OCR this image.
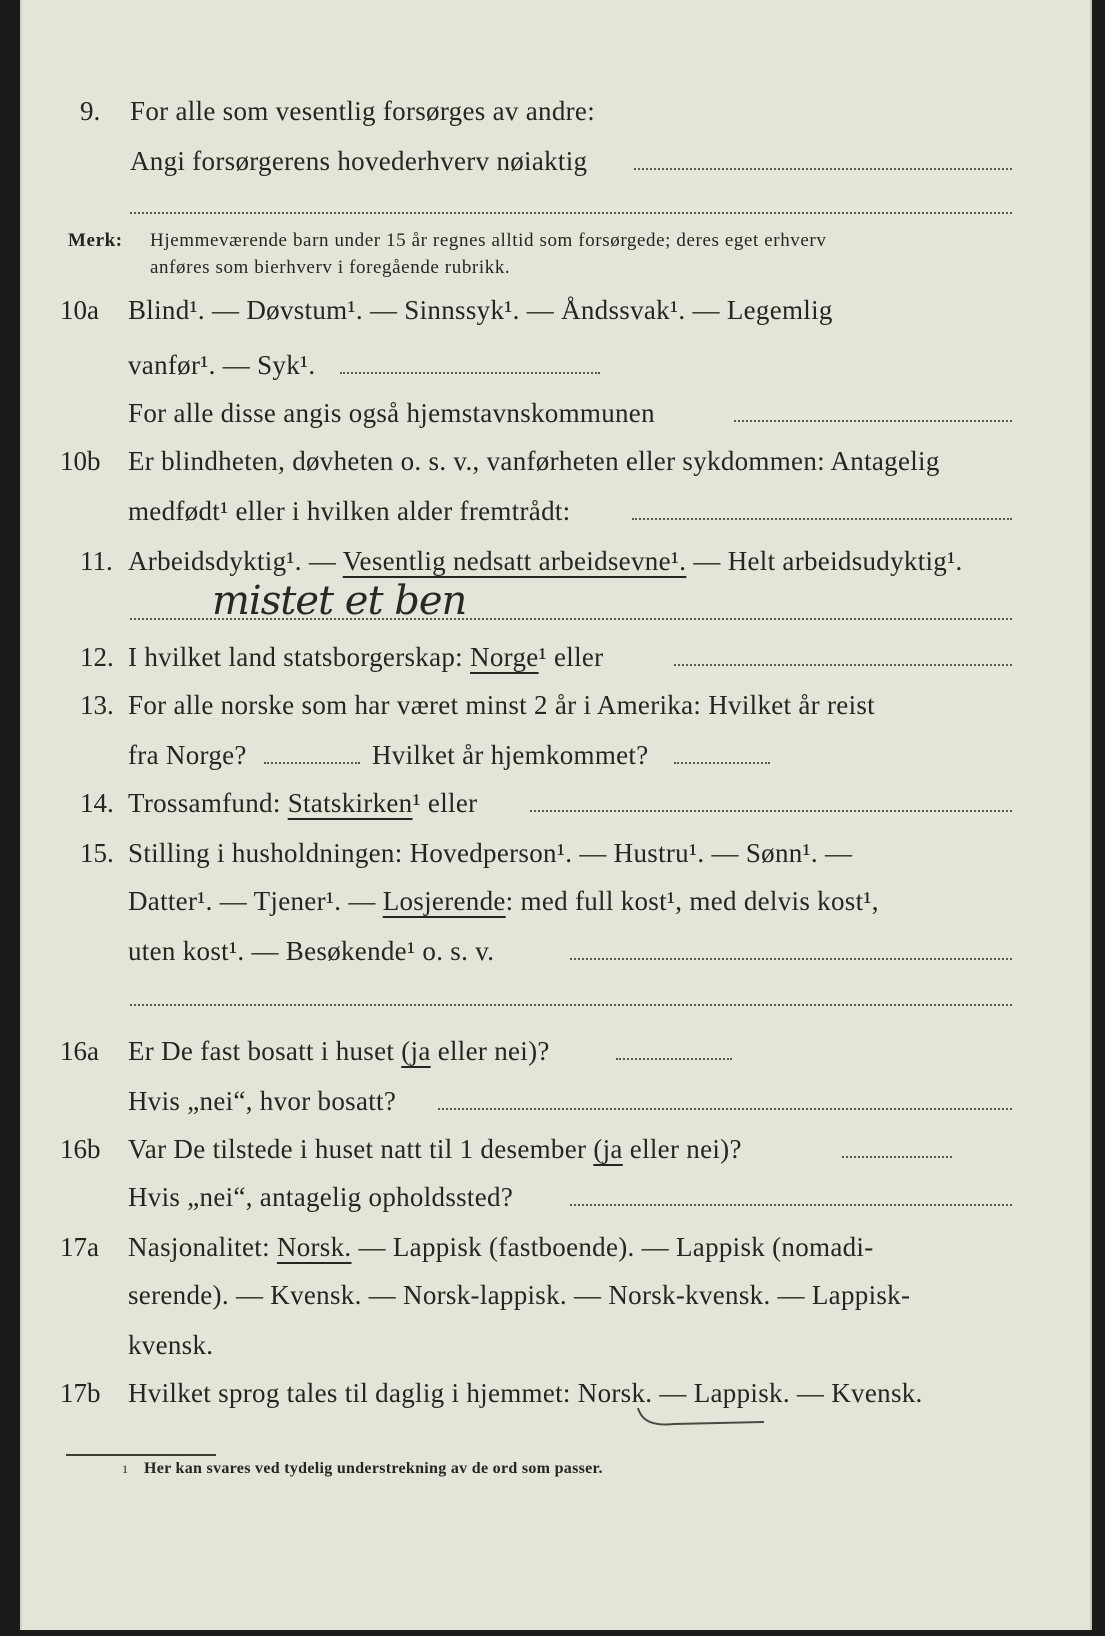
9. For alle som vesentlig forsørges av andre:
Angi forsørgerens hovederhverv nøiaktig
Merk: Hjemmeværende barn under 15 år regnes alltid som forsørgede; deres eget erhverv
anføres som bierhverv i foregående rubrikk.
10a Blind¹. — Døvstum¹. — Sinnssyk¹. — Åndssvak¹. — Legemlig
vanfør¹. — Syk¹.
For alle disse angis også hjemstavnskommunen
10b Er blindheten, døvheten o. s. v., vanførheten eller sykdommen: Antagelig
medfødt¹ eller i hvilken alder fremtrådt:
11. Arbeidsdyktig¹. — Vesentlig nedsatt arbeidsevne¹. — Helt arbeidsudyktig¹.
mistet et ben
12. I hvilket land statsborgerskap: Norge¹ eller
13. For alle norske som har været minst 2 år i Amerika: Hvilket år reist
fra Norge?	Hvilket år hjemkommet?
14. Trossamfund: Statskirken¹ eller
15. Stilling i husholdningen: Hovedperson¹. — Hustru¹. — Sønn¹. —
Datter¹. — Tjener¹. — Losjerende: med full kost¹, med delvis kost¹,
uten kost¹. — Besøkende¹ o. s. v.
16a Er De fast bosatt i huset (ja eller nei)?
Hvis „nei“, hvor bosatt?
16b Var De tilstede i huset natt til 1 desember (ja eller nei)?
Hvis „nei“, antagelig opholdssted?
17a Nasjonalitet: Norsk. — Lappisk (fastboende). — Lappisk (nomadi-
serende). — Kvensk. — Norsk-lappisk. — Norsk-kvensk. — Lappisk-
kvensk.
17b Hvilket sprog tales til daglig i hjemmet: Norsk. — Lappisk. — Kvensk.
1 Her kan svares ved tydelig understrekning av de ord som passer.
